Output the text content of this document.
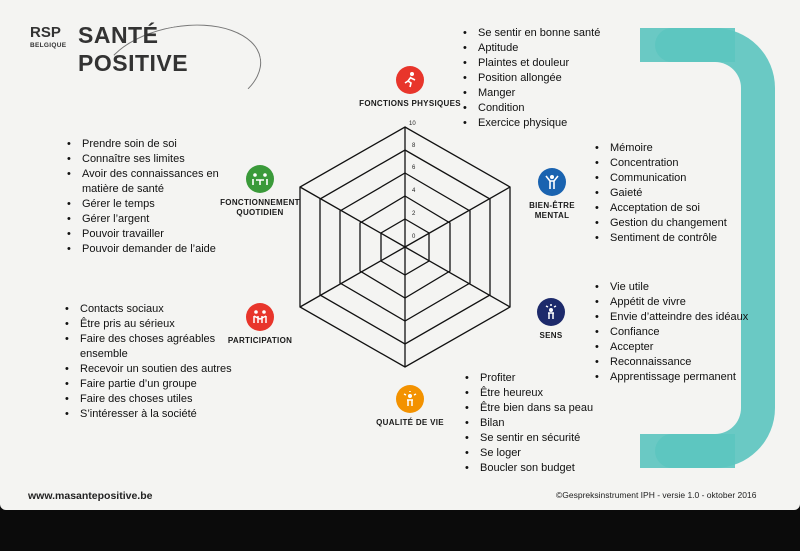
RSP
BELGIQUE SANTÉ
POSITIVE
0
2
4
6
8
10
FONCTIONS PHYSIQUES
BIEN-ÊTRE
MENTAL
SENS
QUALITÉ DE VIE
PARTICIPATION
FONCTIONNEMENT
QUOTIDIEN
• Se sentir en bonne santé
• Aptitude
• Plaintes et douleur
• Position allongée
• Manger
• Condition
• Exercice physique
• Mémoire
• Concentration
• Communication
• Gaieté
• Acceptation de soi
• Gestion du changement
• Sentiment de contrôle
• Vie utile
• Appétit de vivre
• Envie d’atteindre des idéaux
• Confiance
• Accepter
• Reconnaissance
• Apprentissage permanent
• Profiter
• Être heureux
• Être bien dans sa peau
• Bilan
• Se sentir en sécurité
• Se loger
• Boucler son budget
• Contacts sociaux
• Être pris au sérieux
• Faire des choses agréables ensemble
• Recevoir un soutien des autres
• Faire partie d’un groupe
• Faire des choses utiles
• S’intéresser à la société
• Prendre soin de soi
• Connaître ses limites
• Avoir des connaissances en matière de santé
• Gérer le temps
• Gérer l’argent
• Pouvoir travailler
• Pouvoir demander de l’aide
www.masantepositive.be	©Gespreksinstrument IPH - versie 1.0 - oktober 2016
